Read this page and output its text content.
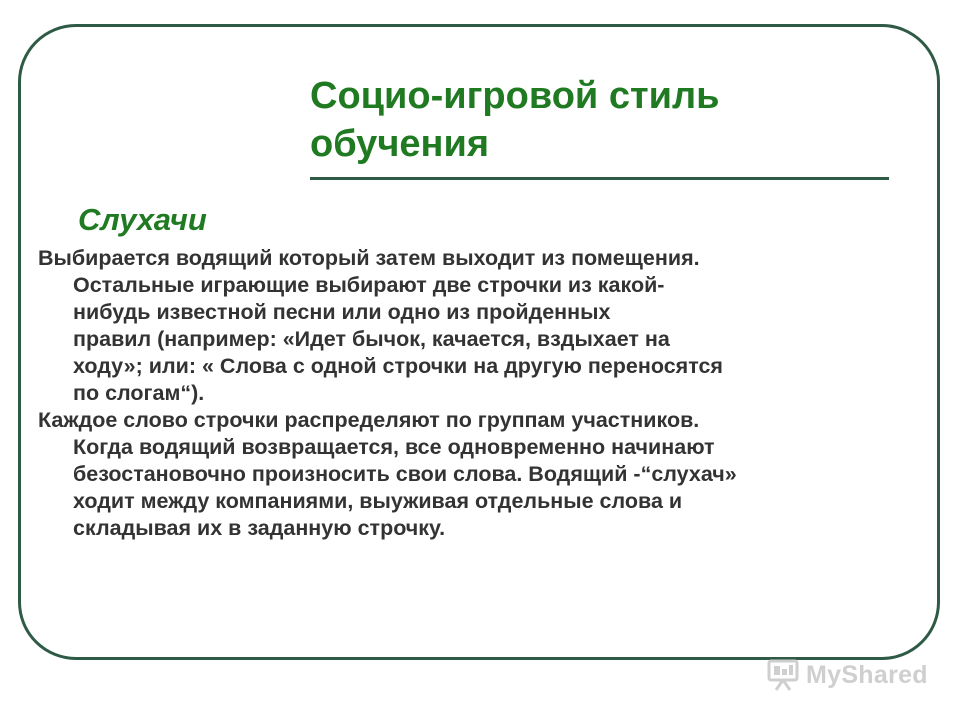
Социо-игровой стиль
обучения
Слухачи

Выбирается водящий который затем выходит из помещения.
Остальные играющие выбирают две строчки из какой-
нибудь известной песни или одно из пройденных
правил (например: «Идет бычок, качается, вздыхает на
ходу»; или: « Слова с одной строчки на другую переносятся
по слогам“).

Каждое слово строчки распределяют по группам участников.
Когда водящий возвращается, все одновременно начинают
безостановочно произносить свои слова. Водящий -“слухач»
ходит между компаниями, выуживая отдельные слова и
складывая их в заданную строчку.

MyShared
